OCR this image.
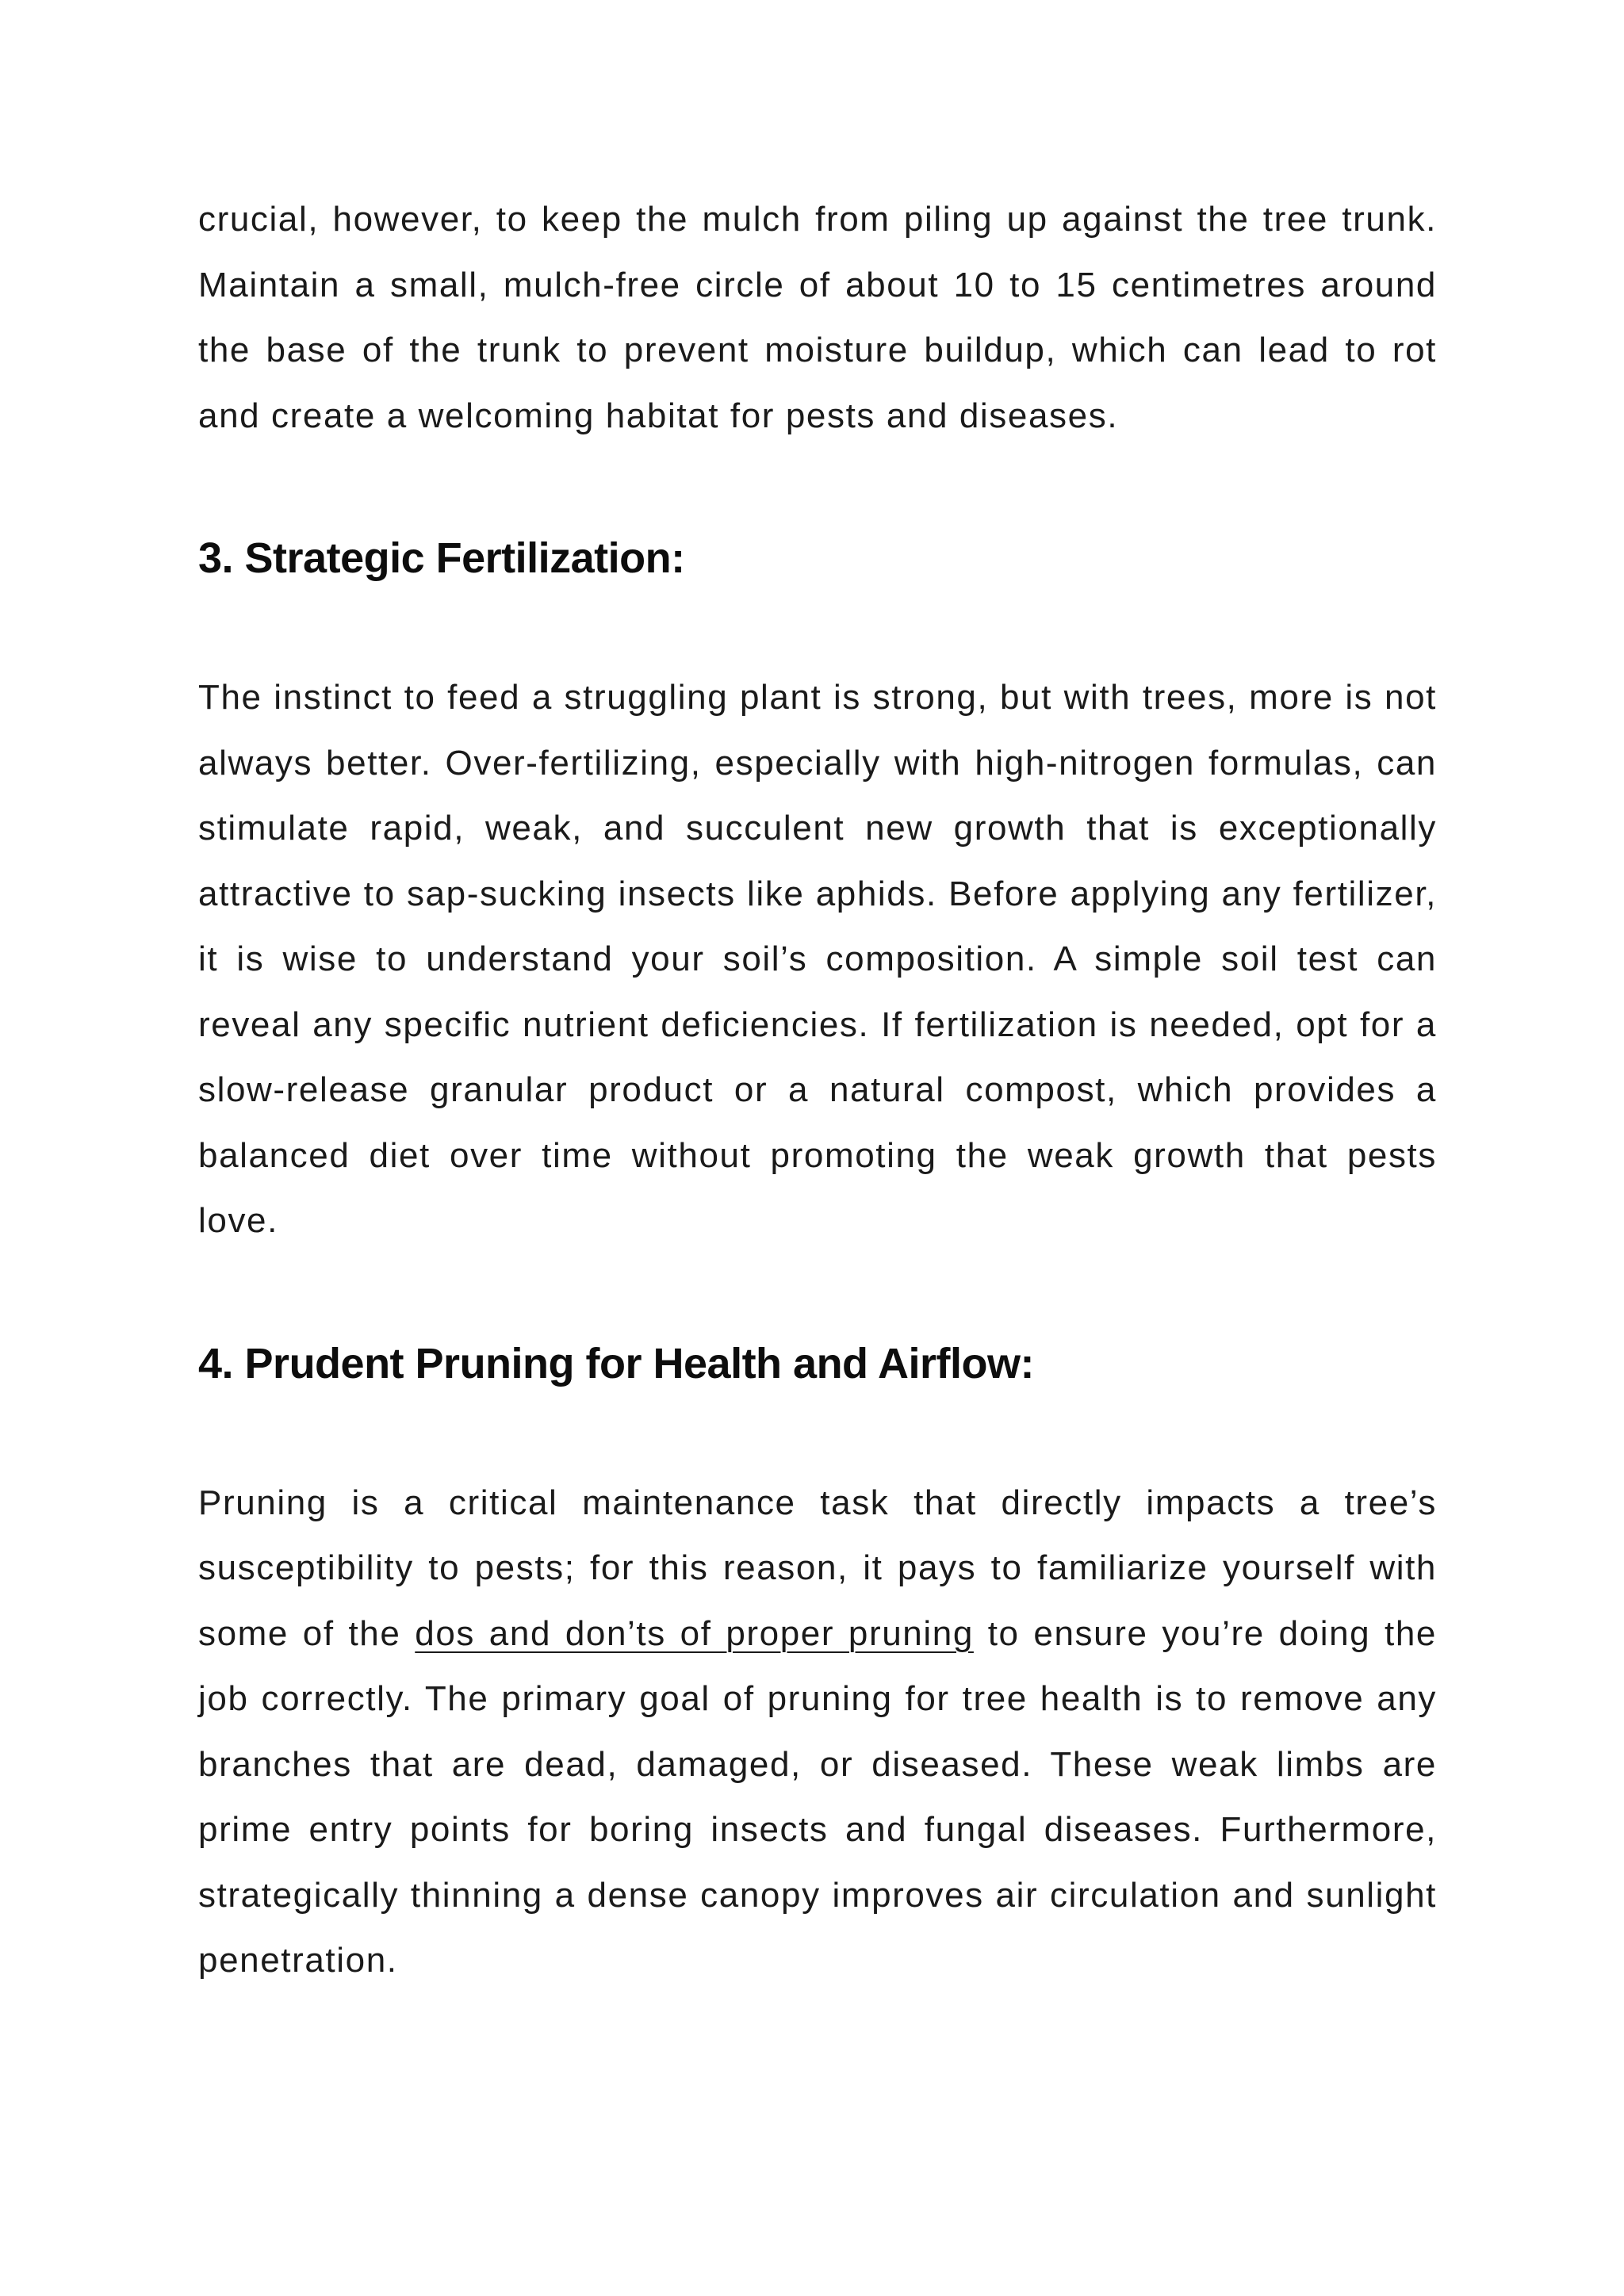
crucial, however, to keep the mulch from piling up against the tree trunk. Maintain a small, mulch-free circle of about 10 to 15 centimetres around the base of the trunk to prevent moisture buildup, which can lead to rot and create a welcoming habitat for pests and diseases.

3. Strategic Fertilization:

The instinct to feed a struggling plant is strong, but with trees, more is not always better. Over-fertilizing, especially with high-nitrogen formulas, can stimulate rapid, weak, and succulent new growth that is exceptionally attractive to sap-sucking insects like aphids. Before applying any fertilizer, it is wise to understand your soil’s composition. A simple soil test can reveal any specific nutrient deficiencies. If fertilization is needed, opt for a slow-release granular product or a natural compost, which provides a balanced diet over time without promoting the weak growth that pests love.

4. Prudent Pruning for Health and Airflow:

Pruning is a critical maintenance task that directly impacts a tree’s susceptibility to pests; for this reason, it pays to familiarize yourself with some of the dos and don’ts of proper pruning to ensure you’re doing the job correctly. The primary goal of pruning for tree health is to remove any branches that are dead, damaged, or diseased. These weak limbs are prime entry points for boring insects and fungal diseases. Furthermore, strategically thinning a dense canopy improves air circulation and sunlight penetration.
